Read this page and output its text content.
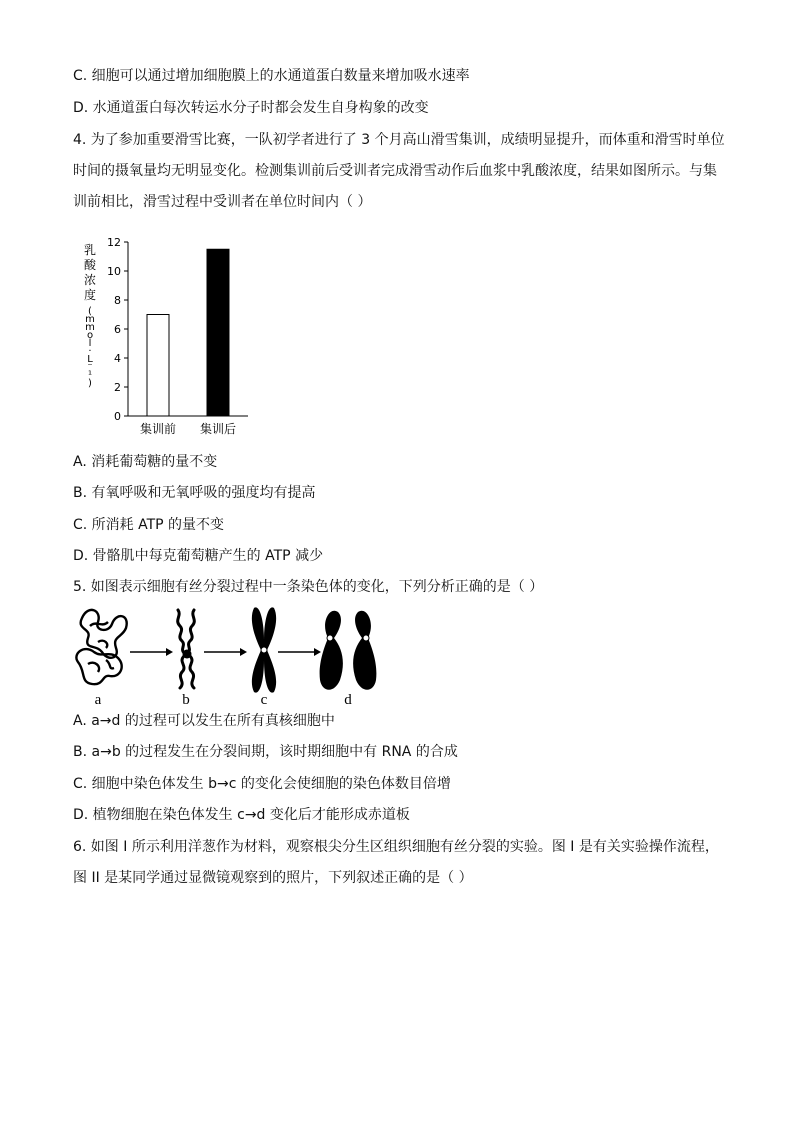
C. 细胞可以通过增加细胞膜上的水通道蛋白数量来增加吸水速率
D. 水通道蛋白每次转运水分子时都会发生自身构象的改变
4. 为了参加重要滑雪比赛，一队初学者进行了 3 个月高山滑雪集训，成绩明显提升，而体重和滑雪时单位
时间的摄氧量均无明显变化。检测集训前后受训者完成滑雪动作后血浆中乳酸浓度，结果如图所示。与集
训前相比，滑雪过程中受训者在单位时间内（ ）
乳酸浓度( m m o l · L ⁻ ¹ )
0
2
4
6
8
10
12
集训前 集训后
A. 消耗葡萄糖的量不变
B. 有氧呼吸和无氧呼吸的强度均有提高
C. 所消耗 ATP 的量不变
D. 骨骼肌中每克葡萄糖产生的 ATP 减少
5. 如图表示细胞有丝分裂过程中一条染色体的变化，下列分析正确的是（ ）
a	b	c	d
A. a→d 的过程可以发生在所有真核细胞中
B. a→b 的过程发生在分裂间期，该时期细胞中有 RNA 的合成
C. 细胞中染色体发生 b→c 的变化会使细胞的染色体数目倍增
D. 植物细胞在染色体发生 c→d 变化后才能形成赤道板
6. 如图 I 所示利用洋葱作为材料，观察根尖分生区组织细胞有丝分裂的实验。图 I 是有关实验操作流程，
图 II 是某同学通过显微镜观察到的照片，下列叙述正确的是（ ）
